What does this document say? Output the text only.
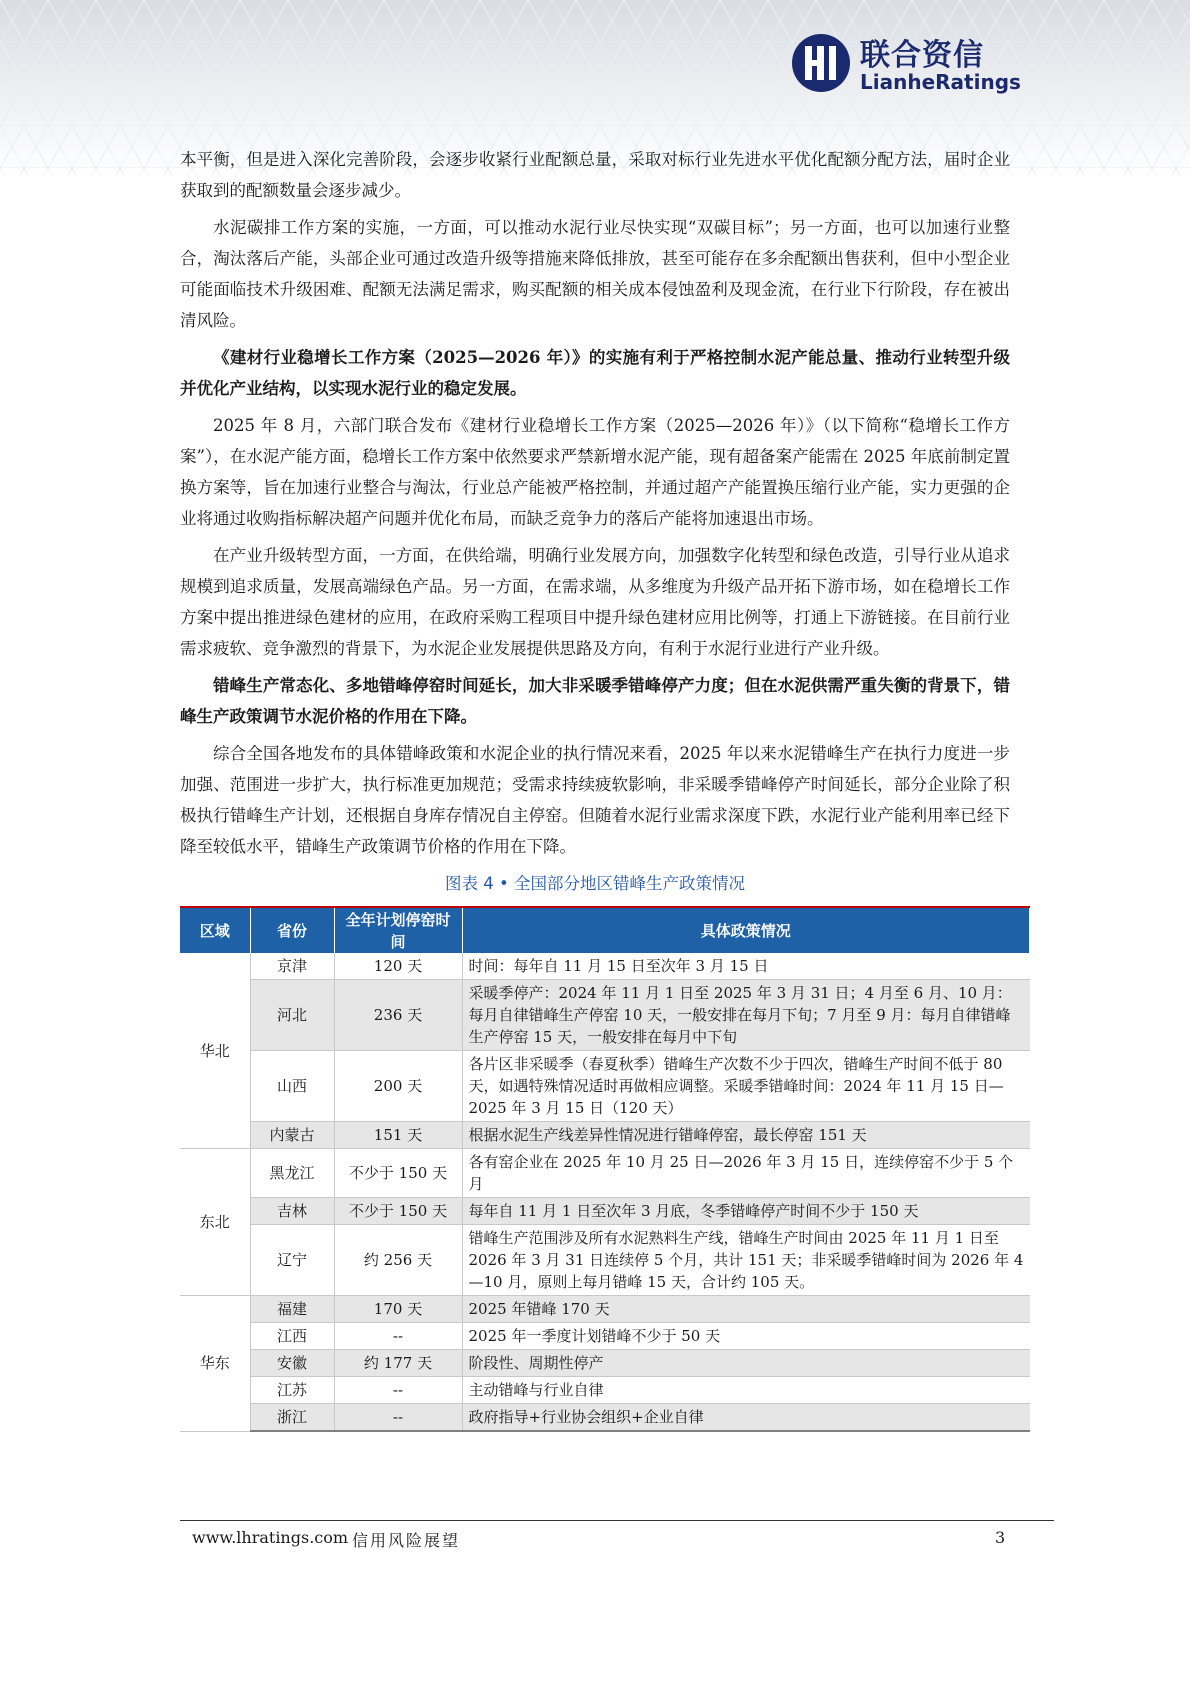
联合资信
LianheRatings

本平衡，但是进入深化完善阶段，会逐步收紧行业配额总量，采取对标行业先进水平优化配额分配方法，届时企业获取到的配额数量会逐步减少。

水泥碳排工作方案的实施，一方面，可以推动水泥行业尽快实现“双碳目标”；另一方面，也可以加速行业整合，淘汰落后产能，头部企业可通过改造升级等措施来降低排放，甚至可能存在多余配额出售获利，但中小型企业可能面临技术升级困难、配额无法满足需求，购买配额的相关成本侵蚀盈利及现金流，在行业下行阶段，存在被出清风险。

《建材行业稳增长工作方案（2025—2026 年）》的实施有利于严格控制水泥产能总量、推动行业转型升级并优化产业结构，以实现水泥行业的稳定发展。

2025 年 8 月，六部门联合发布《建材行业稳增长工作方案（2025—2026 年）》（以下简称“稳增长工作方案”），在水泥产能方面，稳增长工作方案中依然要求严禁新增水泥产能，现有超备案产能需在 2025 年底前制定置换方案等，旨在加速行业整合与淘汰，行业总产能被严格控制，并通过超产产能置换压缩行业产能，实力更强的企业将通过收购指标解决超产问题并优化布局，而缺乏竞争力的落后产能将加速退出市场。

在产业升级转型方面，一方面，在供给端，明确行业发展方向，加强数字化转型和绿色改造，引导行业从追求规模到追求质量，发展高端绿色产品。另一方面，在需求端，从多维度为升级产品开拓下游市场，如在稳增长工作方案中提出推进绿色建材的应用，在政府采购工程项目中提升绿色建材应用比例等，打通上下游链接。在目前行业需求疲软、竞争激烈的背景下，为水泥企业发展提供思路及方向，有利于水泥行业进行产业升级。

错峰生产常态化、多地错峰停窑时间延长，加大非采暖季错峰停产力度；但在水泥供需严重失衡的背景下，错峰生产政策调节水泥价格的作用在下降。

综合全国各地发布的具体错峰政策和水泥企业的执行情况来看，2025 年以来水泥错峰生产在执行力度进一步加强、范围进一步扩大，执行标准更加规范；受需求持续疲软影响，非采暖季错峰停产时间延长，部分企业除了积极执行错峰生产计划，还根据自身库存情况自主停窑。但随着水泥行业需求深度下跌，水泥行业产能利用率已经下降至较低水平，错峰生产政策调节价格的作用在下降。

图表 4 • 全国部分地区错峰生产政策情况
区域	省份	全年计划停窑时间	具体政策情况
华北	京津	120 天	时间：每年自 11 月 15 日至次年 3 月 15 日
	河北	236 天	采暖季停产：2024 年 11 月 1 日至 2025 年 3 月 31 日；4 月至 6 月、10 月：每月自律错峰生产停窑 10 天，一般安排在每月下旬；7 月至 9 月：每月自律错峰生产停窑 15 天，一般安排在每月中下旬
	山西	200 天	各片区非采暖季（春夏秋季）错峰生产次数不少于四次，错峰生产时间不低于 80 天，如遇特殊情况适时再做相应调整。采暖季错峰时间：2024 年 11 月 15 日—2025 年 3 月 15 日（120 天）
	内蒙古	151 天	根据水泥生产线差异性情况进行错峰停窑，最长停窑 151 天
东北	黑龙江	不少于 150 天	各有窑企业在 2025 年 10 月 25 日—2026 年 3 月 15 日，连续停窑不少于 5 个月
	吉林	不少于 150 天	每年自 11 月 1 日至次年 3 月底，冬季错峰停产时间不少于 150 天
	辽宁	约 256 天	错峰生产范围涉及所有水泥熟料生产线，错峰生产时间由 2025 年 11 月 1 日至 2026 年 3 月 31 日连续停 5 个月，共计 151 天；非采暖季错峰时间为 2026 年 4—10 月，原则上每月错峰 15 天，合计约 105 天。
华东	福建	170 天	2025 年错峰 170 天
	江西	--	2025 年一季度计划错峰不少于 50 天
	安徽	约 177 天	阶段性、周期性停产
	江苏	--	主动错峰与行业自律
	浙江	--	政府指导+行业协会组织+企业自律
www.lhratings.com 信用风险展望	3
